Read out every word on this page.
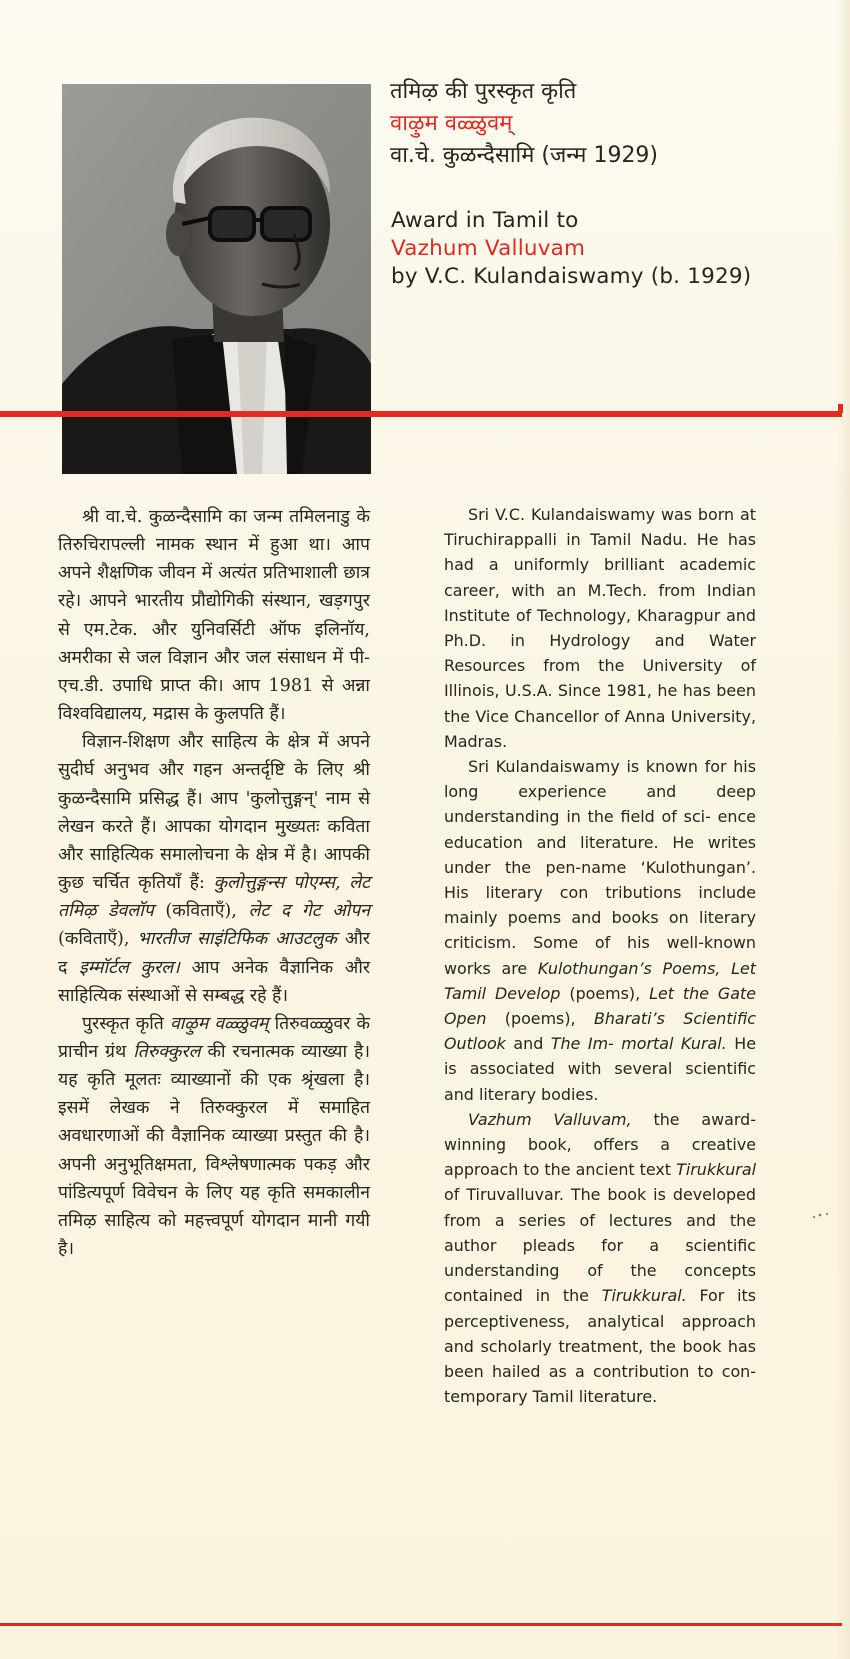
तमिऴ की पुरस्कृत कृति
वाऴुम वळ्ळुवम्
वा.चे. कुळन्दैसामि (जन्म 1929)
Award in Tamil to
Vazhum Valluvam
by V.C. Kulandaiswamy (b. 1929)

श्री वा.चे. कुळन्दैसामि का जन्म तमिलनाडु के तिरुचिरापल्ली नामक स्थान में हुआ था। आप अपने शैक्षणिक जीवन में अत्यंत प्रतिभाशाली छात्र रहे। आपने भारतीय प्रौद्योगिकी संस्थान, खड़गपुर से एम.टेक. और युनिवर्सिटी ऑफ इलिनॉय, अमरीका से जल विज्ञान और जल संसाधन में पी-एच.डी. उपाधि प्राप्त की। आप 1981 से अन्ना विश्वविद्यालय, मद्रास के कुलपति हैं।

विज्ञान-शिक्षण और साहित्य के क्षेत्र में अपने सुदीर्घ अनुभव और गहन अन्तर्दृष्टि के लिए श्री कुळन्दैसामि प्रसिद्ध हैं। आप 'कुलोत्तुङ्गन्' नाम से लेखन करते हैं। आपका योगदान मुख्यतः कविता और साहित्यिक समालोचना के क्षेत्र में है। आपकी कुछ चर्चित कृतियाँ हैं: कुलोत्तुङ्गन्स पोएम्स, लेट तमिऴ डेवलॉप (कविताएँ), लेट द गेट ओपन (कविताएँ), भारतीज साइंटिफिक आउटलुक और द इम्मॉर्टल कुरल। आप अनेक वैज्ञानिक और साहित्यिक संस्थाओं से सम्बद्ध रहे हैं।

पुरस्कृत कृति वाऴुम वळ्ळुवम् तिरुवळ्ळुवर के प्राचीन ग्रंथ तिरुक्कुरल की रचनात्मक व्याख्या है। यह कृति मूलतः व्याख्यानों की एक श्रृंखला है। इसमें लेखक ने तिरुक्कुरल में समाहित अवधारणाओं की वैज्ञानिक व्याख्या प्रस्तुत की है। अपनी अनुभूतिक्षमता, विश्लेषणात्मक पकड़ और पांडित्यपूर्ण विवेचन के लिए यह कृति समकालीन तमिऴ साहित्य को महत्त्वपूर्ण योगदान मानी गयी है।

Sri V.C. Kulandaiswamy was born at Tiruchirappalli in Tamil Nadu. He has had a uniformly brilliant academic career, with an M.Tech. from Indian Institute of Technology, Kharagpur and Ph.D. in Hydrology and Water Resources from the University of Illinois, U.S.A. Since 1981, he has been the Vice Chancellor of Anna University, Madras.

Sri Kulandaiswamy is known for his long experience and deep understanding in the field of sci- ence education and literature. He writes under the pen-name ‘Kulothungan’. His literary con tributions include mainly poems and books on literary criticism. Some of his well-known works are Kulothungan’s Poems, Let Tamil Develop (poems), Let the Gate Open (poems), Bharati’s Scientific Outlook and The Im- mortal Kural. He is associated with several scientific and literary bodies.

Vazhum Valluvam, the award- winning book, offers a creative approach to the ancient text Tirukkural of Tiruvalluvar. The book is developed from a series of lectures and the author pleads for a scientific understanding of the concepts contained in the Tirukkural. For its perceptiveness, analytical approach and scholarly treatment, the book has been hailed as a contribution to con- temporary Tamil literature.
